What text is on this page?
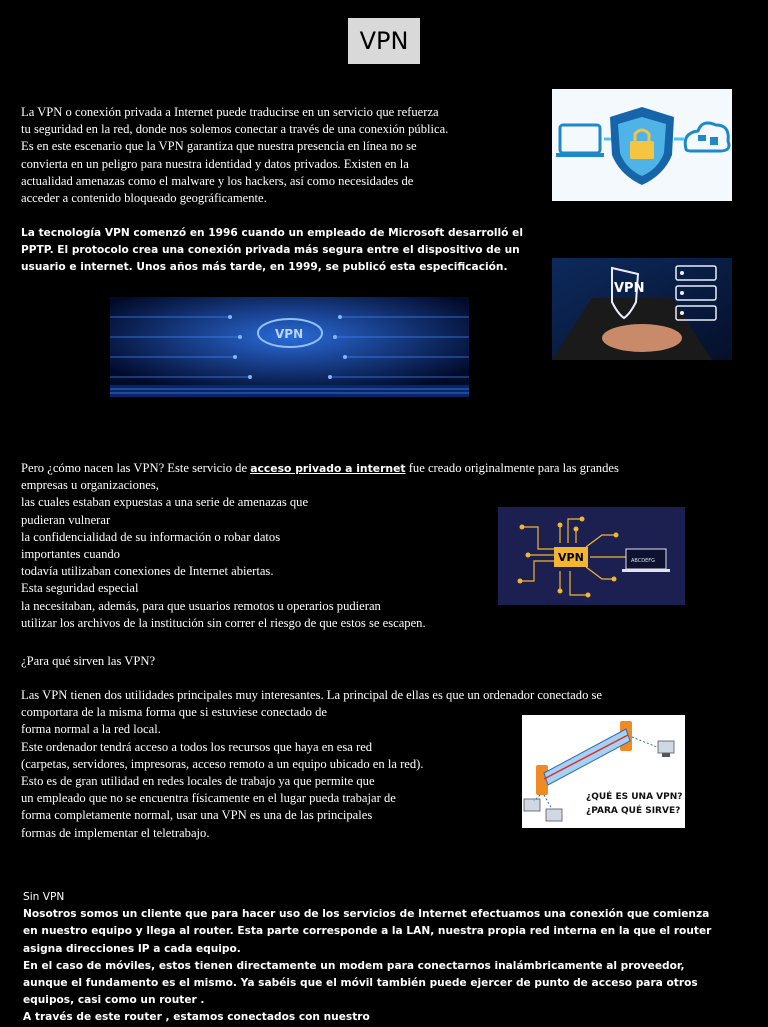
VPN
La VPN o conexión privada a Internet puede traducirse en un servicio que refuerza
tu seguridad en la red, donde nos solemos conectar a través de una conexión pública.
Es en este escenario que la VPN garantiza que nuestra presencia en línea no se
convierta en un peligro para nuestra identidad y datos privados. Existen en la
actualidad amenazas como el malware y los hackers, así como necesidades de
acceder a contenido bloqueado geográficamente.
La tecnología VPN comenzó en 1996 cuando un empleado de Microsoft desarrolló el
PPTP. El protocolo crea una conexión privada más segura entre el dispositivo de un
usuario e internet. Unos años más tarde, en 1999, se publicó esta especificación.
VPN
VPN
Pero ¿cómo nacen las VPN? Este servicio de acceso privado a internet fue creado originalmente para las grandes
empresas u organizaciones,
las cuales estaban expuestas a una serie de amenazas que
pudieran vulnerar
la confidencialidad de su información o robar datos
importantes cuando
todavía utilizaban conexiones de Internet abiertas.
Esta seguridad especial
la necesitaban, además, para que usuarios remotos u operarios pudieran
utilizar los archivos de la institución sin correr el riesgo de que estos se escapen.
VPN	ABCDEFG
¿Para qué sirven las VPN?
Las VPN tienen dos utilidades principales muy interesantes. La principal de ellas es que un ordenador conectado se
comportara de la misma forma que si estuviese conectado de
forma normal a la red local.
Este ordenador tendrá acceso a todos los recursos que haya en esa red
(carpetas, servidores, impresoras, acceso remoto a un equipo ubicado en la red).
Esto es de gran utilidad en redes locales de trabajo ya que permite que
un empleado que no se encuentra físicamente en el lugar pueda trabajar de
forma completamente normal, usar una VPN es una de las principales
formas de implementar el teletrabajo.
¿QUÉ ES UNA VPN?
¿PARA QUÉ SIRVE?
Sin VPN
Nosotros somos un cliente que para hacer uso de los servicios de Internet efectuamos una conexión que comienza
en nuestro equipo y llega al router. Esta parte corresponde a la LAN, nuestra propia red interna en la que el router
asigna direcciones IP a cada equipo.
En el caso de móviles, estos tienen directamente un modem para conectarnos inalámbricamente al proveedor,
aunque el fundamento es el mismo. Ya sabéis que el móvil también puede ejercer de punto de acceso para otros
equipos, casi como un router .
A través de este router , estamos conectados con nuestro
